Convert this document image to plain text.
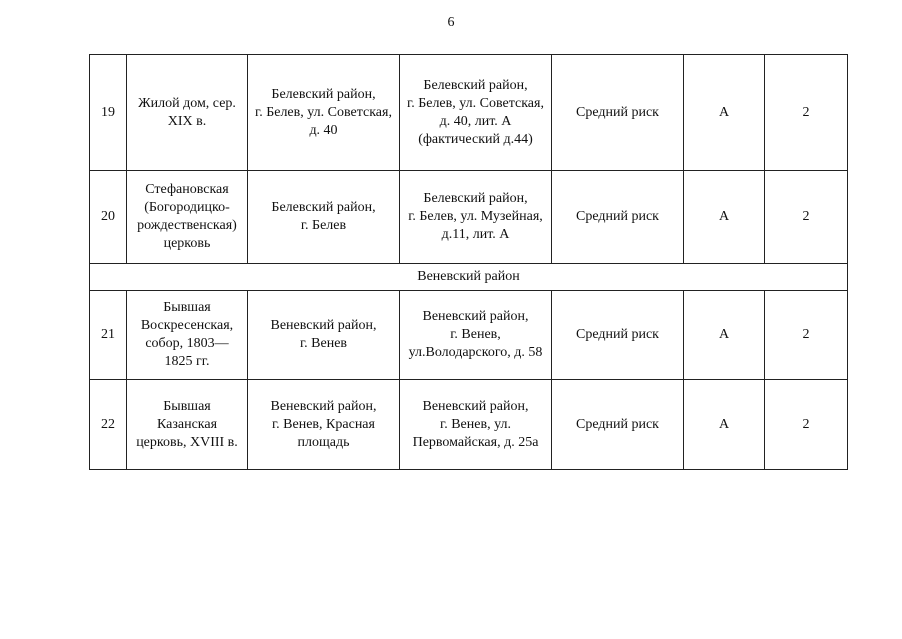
6
19	Жилой дом, сер.
XIX в.	Белевский район,
г. Белев, ул. Советская,
д. 40	Белевский район,
г. Белев, ул. Советская,
д. 40, лит. А
(фактический д.44)	Средний риск	А	2
20	Стефановская
(Богородицко-
рождественская)
церковь	Белевский район,
г. Белев	Белевский район,
г. Белев, ул. Музейная,
д.11, лит. А	Средний риск	А	2
Веневский район						
21	Бывшая
Воскресенская,
собор, 1803—
1825 гг.	Веневский район,
г. Венев	Веневский район,
г. Венев,
ул.Володарского, д. 58	Средний риск	А	2
22	Бывшая
Казанская
церковь, XVIII в.	Веневский район,
г. Венев, Красная
площадь	Веневский район,
г. Венев, ул.
Первомайская, д. 25а	Средний риск	А	2
